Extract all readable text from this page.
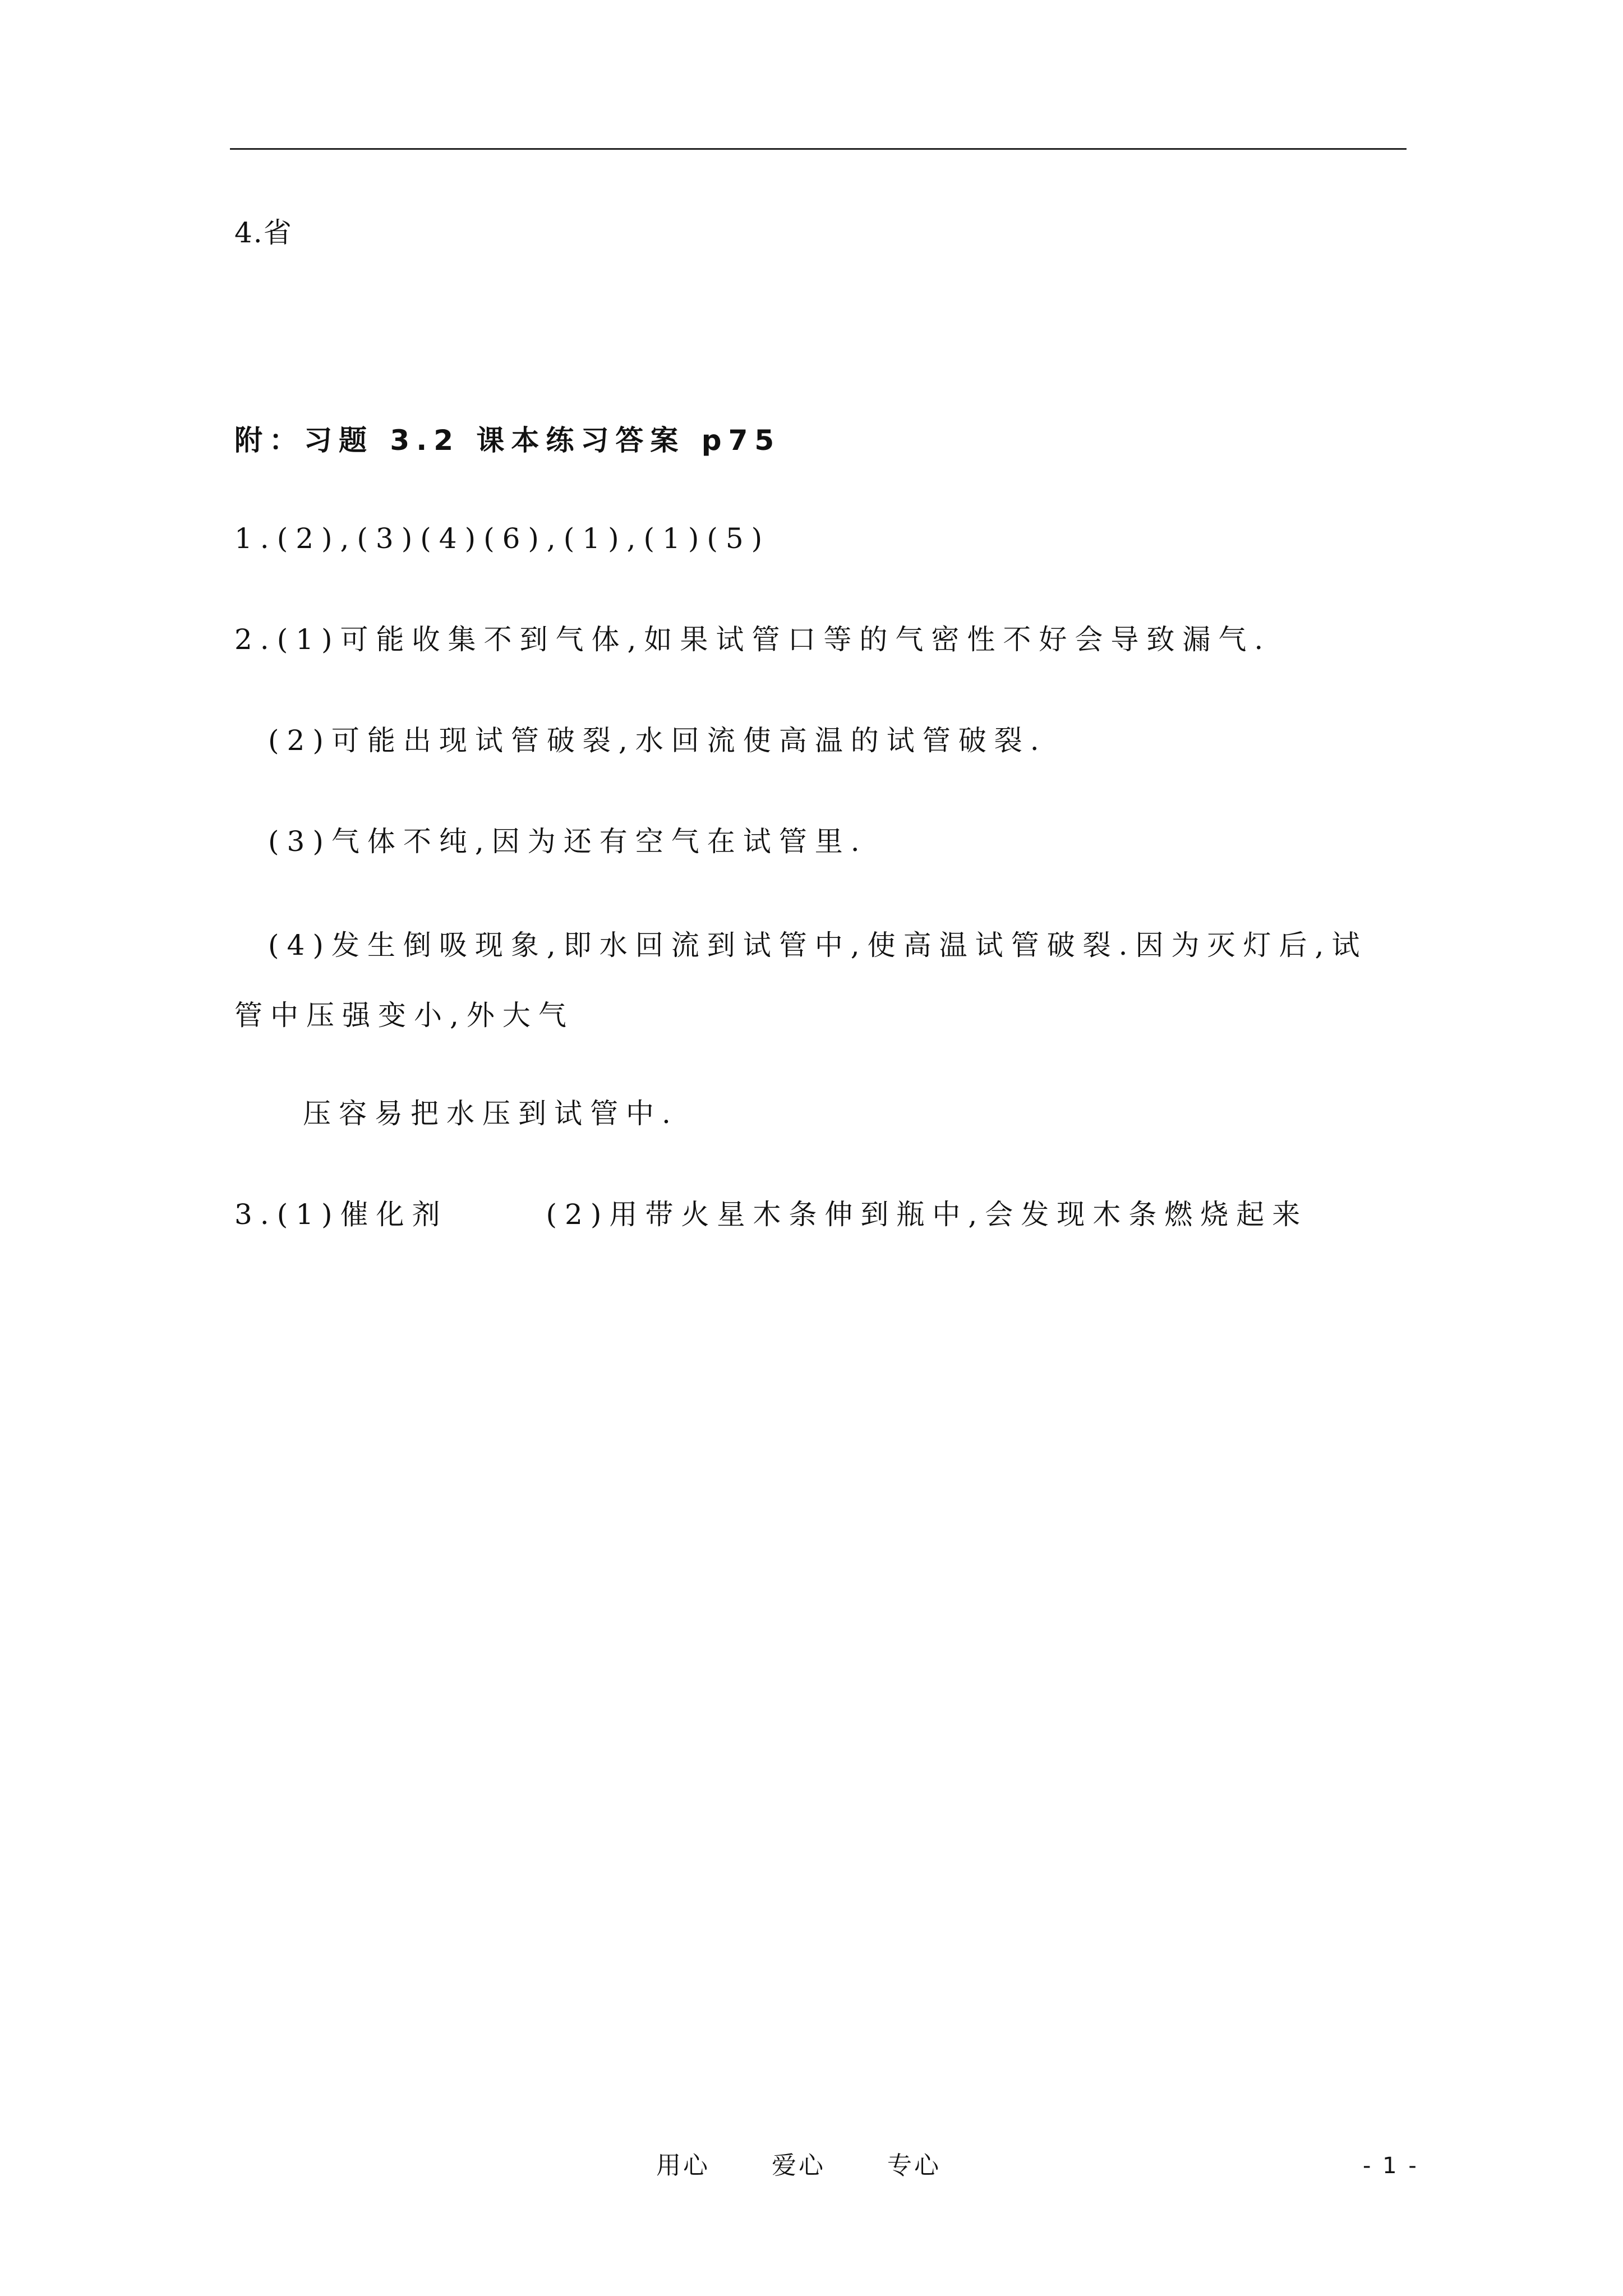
4.省
附：习题 3.2 课本练习答案 p75
1.(2),(3)(4)(6),(1),(1)(5)
2.(1)可能收集不到气体,如果试管口等的气密性不好会导致漏气.
(2)可能出现试管破裂,水回流使高温的试管破裂.
(3)气体不纯,因为还有空气在试管里.
(4)发生倒吸现象,即水回流到试管中,使高温试管破裂.因为灭灯后,试
管中压强变小,外大气
压容易把水压到试管中.
3.(1)催化剂	(2)用带火星木条伸到瓶中,会发现木条燃烧起来
用心	爱心	专心	- 1 -
